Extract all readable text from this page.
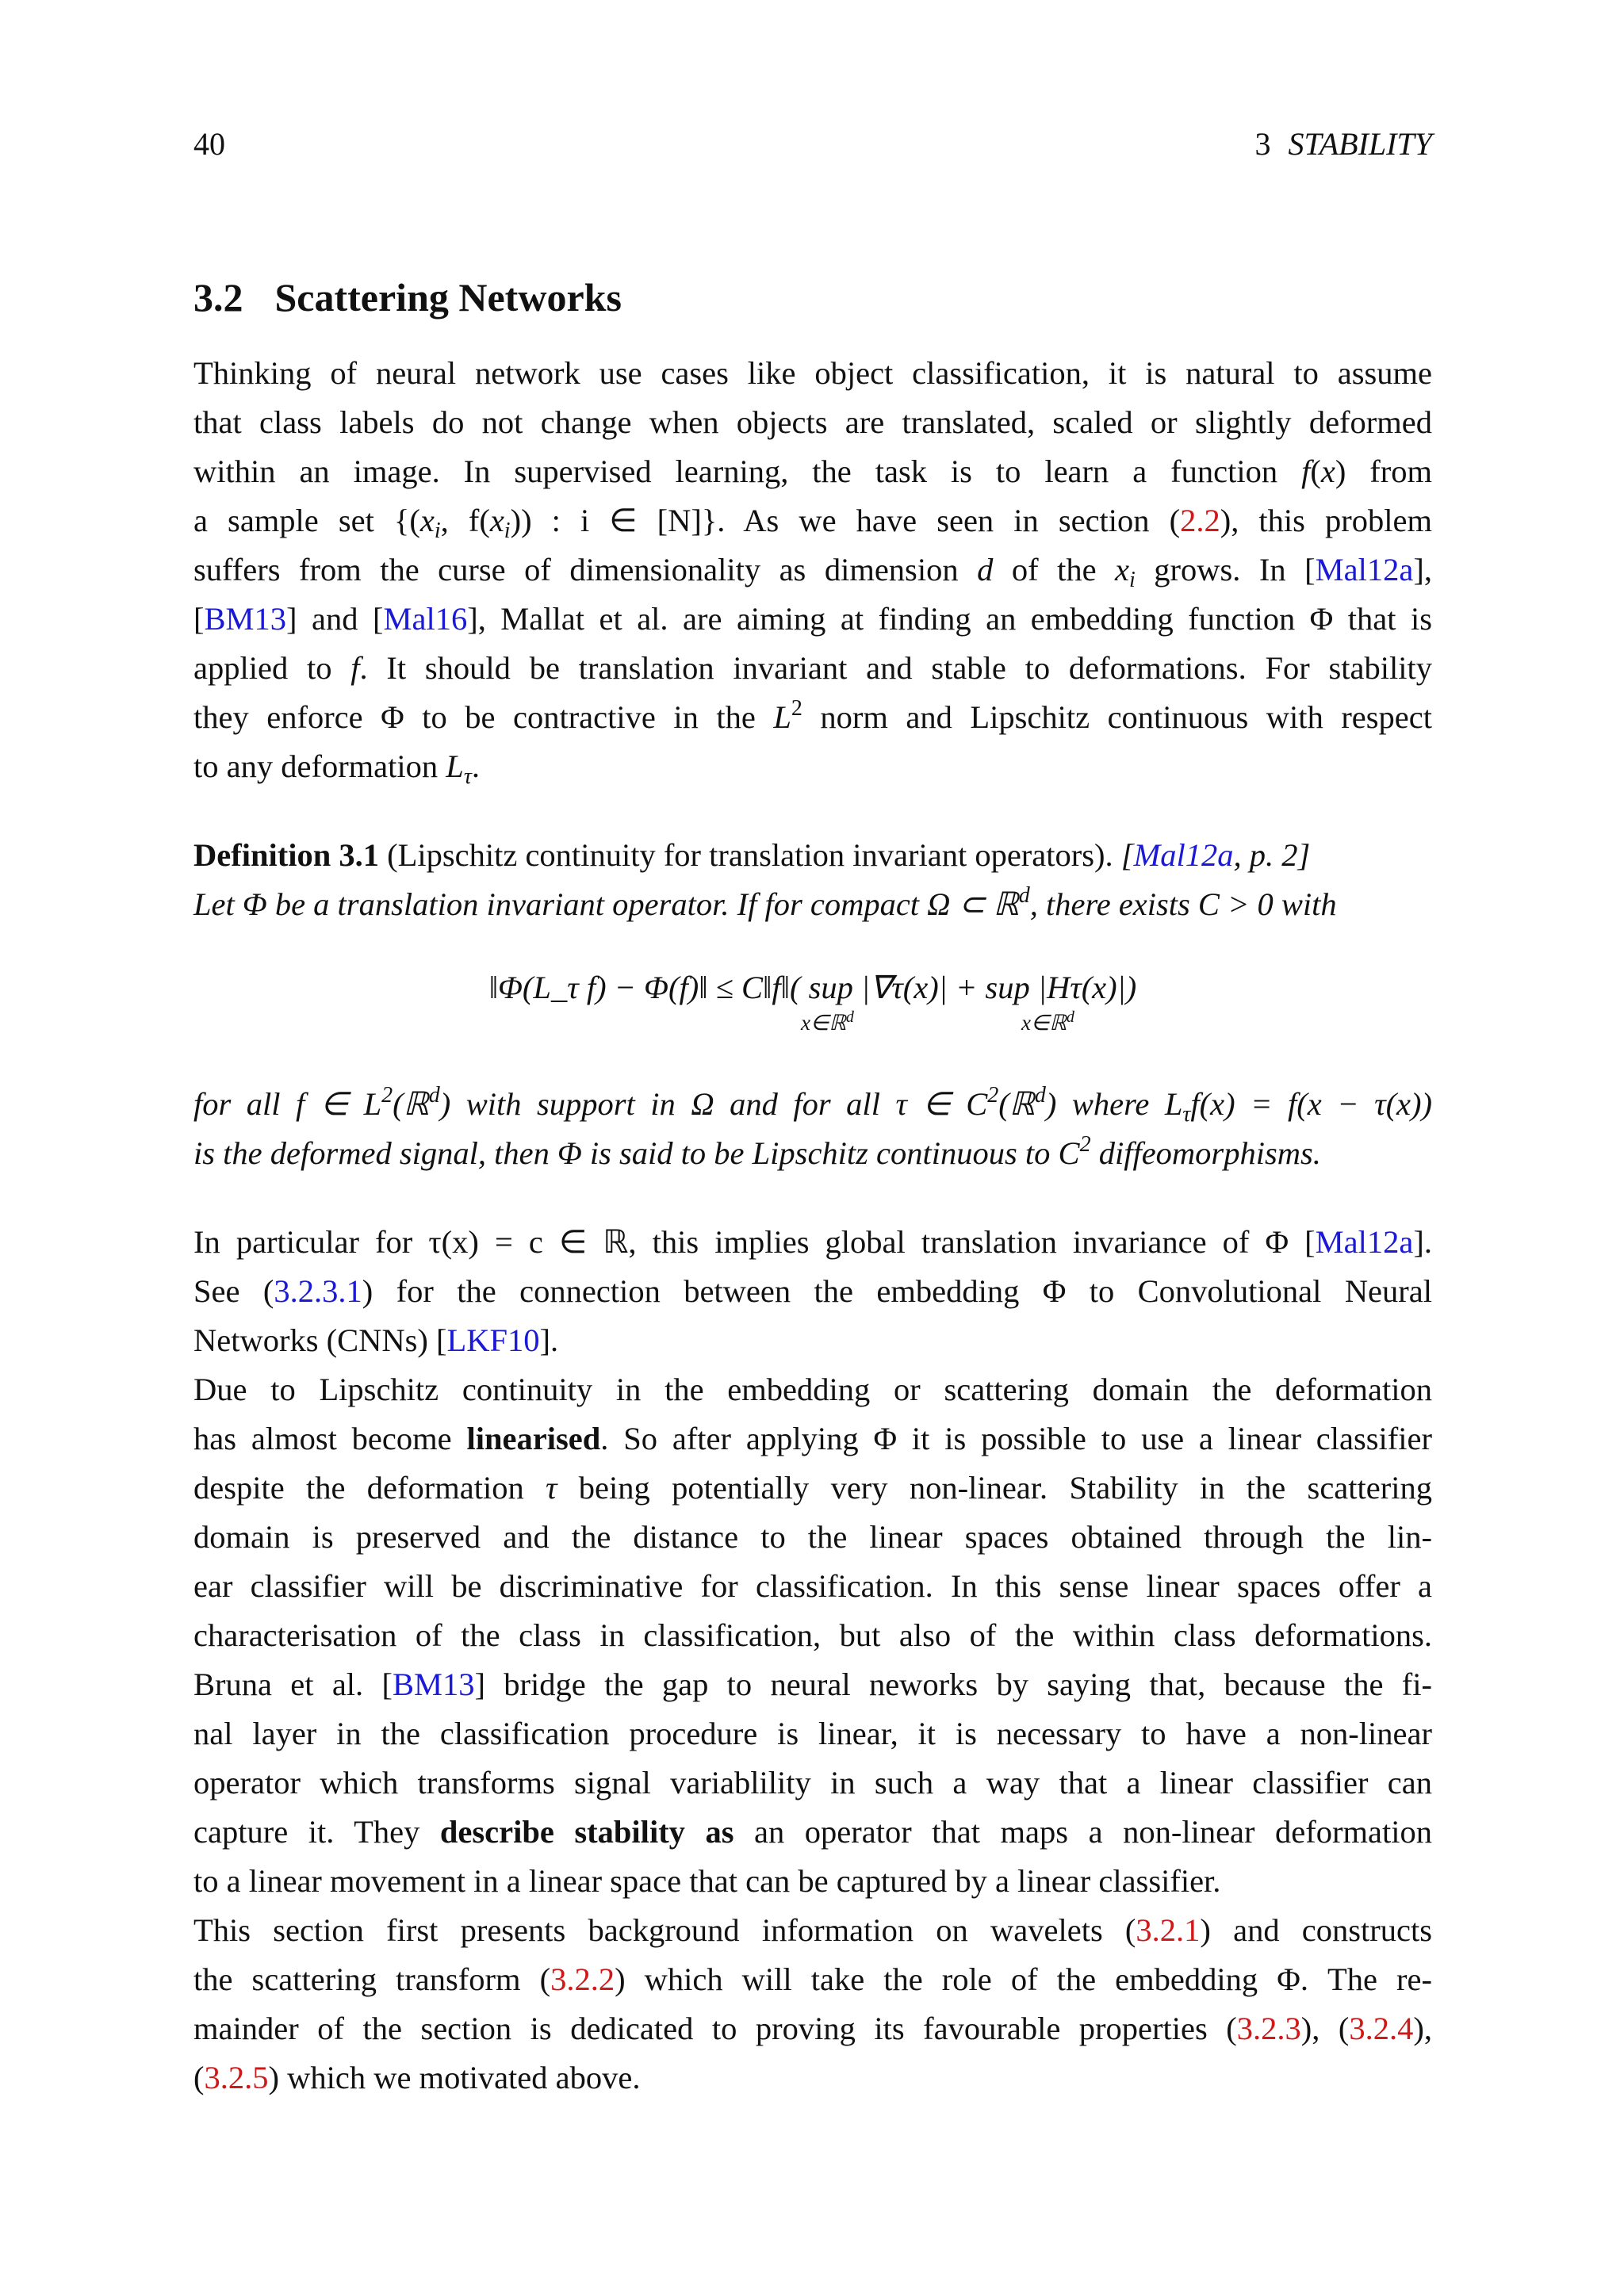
40	3 STABILITY
3.2 Scattering Networks
Thinking of neural network use cases like object classification, it is natural to assume
that class labels do not change when objects are translated, scaled or slightly deformed
within an image. In supervised learning, the task is to learn a function f(x) from
a sample set {(xi, f(xi)) : i ∈ [N]}. As we have seen in section (2.2), this problem
suffers from the curse of dimensionality as dimension d of the xi grows. In [Mal12a],
[BM13] and [Mal16], Mallat et al. are aiming at finding an embedding function Φ that is
applied to f. It should be translation invariant and stable to deformations. For stability
they enforce Φ to be contractive in the $L^2$ norm and Lipschitz continuous with respect
to any deformation Lτ.
Definition 3.1 (Lipschitz continuity for translation invariant operators). [Mal12a, p. 2]
Let Φ be a translation invariant operator. If for compact Ω ⊂ ℝ$^d$, there exists C > 0 with
‖Φ(L_τ f) − Φ(f)‖ ≤ C‖f‖( sup |∇τ(x)| + sup |Hτ(x)|)
x∈ℝ$^d$	x∈ℝ$^d$
for all f ∈ $L^2(ℝ^d)$ with support in Ω and for all τ ∈ $C^2(ℝ^d)$ where Lτf(x) = f(x − τ(x))
is the deformed signal, then Φ is said to be Lipschitz continuous to $C^2$ diffeomorphisms.
In particular for τ(x) = c ∈ ℝ, this implies global translation invariance of Φ [Mal12a].
See (3.2.3.1) for the connection between the embedding Φ to Convolutional Neural
Networks (CNNs) [LKF10].
Due to Lipschitz continuity in the embedding or scattering domain the deformation
has almost become linearised. So after applying Φ it is possible to use a linear classifier
despite the deformation τ being potentially very non-linear. Stability in the scattering
domain is preserved and the distance to the linear spaces obtained through the lin-
ear classifier will be discriminative for classification. In this sense linear spaces offer a
characterisation of the class in classification, but also of the within class deformations.
Bruna et al. [BM13] bridge the gap to neural neworks by saying that, because the fi-
nal layer in the classification procedure is linear, it is necessary to have a non-linear
operator which transforms signal variablility in such a way that a linear classifier can
capture it. They describe stability as an operator that maps a non-linear deformation
to a linear movement in a linear space that can be captured by a linear classifier.
This section first presents background information on wavelets (3.2.1) and constructs
the scattering transform (3.2.2) which will take the role of the embedding Φ. The re-
mainder of the section is dedicated to proving its favourable properties (3.2.3), (3.2.4),
(3.2.5) which we motivated above.
